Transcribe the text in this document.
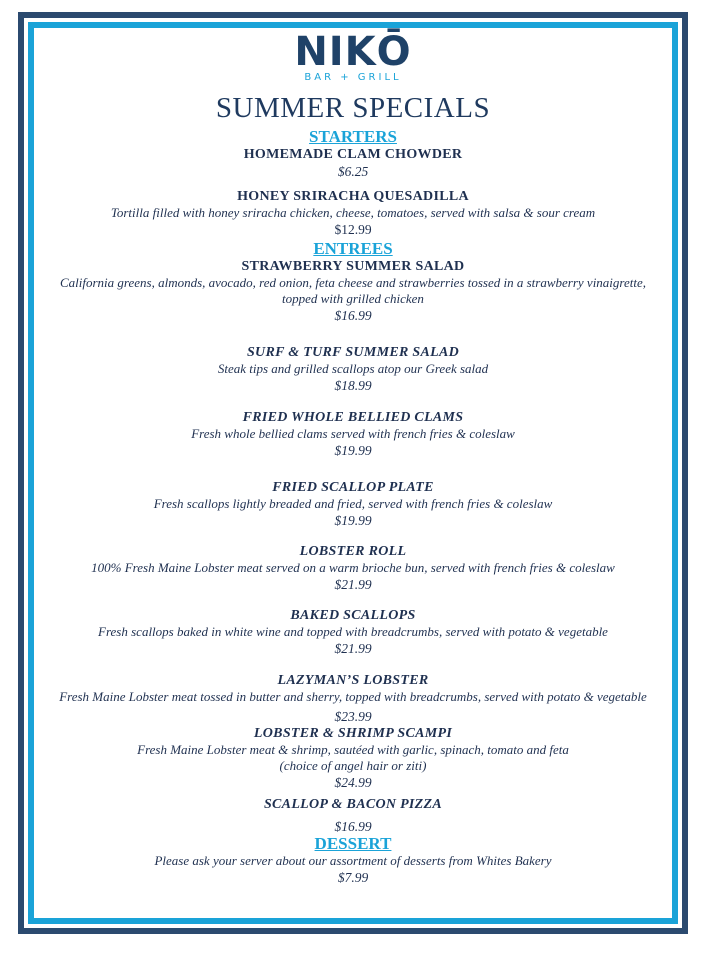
NIKŌ
BAR + GRILL
SUMMER SPECIALS
STARTERS
HOMEMADE CLAM CHOWDER
$6.25
HONEY SRIRACHA QUESADILLA
Tortilla filled with honey sriracha chicken, cheese, tomatoes, served with salsa & sour cream
$12.99
ENTREES
STRAWBERRY SUMMER SALAD
California greens, almonds, avocado, red onion, feta cheese and strawberries tossed in a strawberry vinaigrette, topped with grilled chicken
$16.99
SURF & TURF SUMMER SALAD
Steak tips and grilled scallops atop our Greek salad
$18.99
FRIED WHOLE BELLIED CLAMS
Fresh whole bellied clams served with french fries & coleslaw
$19.99
FRIED SCALLOP PLATE
Fresh scallops lightly breaded and fried, served with french fries & coleslaw
$19.99
LOBSTER ROLL
100% Fresh Maine Lobster meat served on a warm brioche bun, served with french fries & coleslaw
$21.99
BAKED SCALLOPS
Fresh scallops baked in white wine and topped with breadcrumbs, served with potato & vegetable
$21.99
LAZYMAN’S LOBSTER
Fresh Maine Lobster meat tossed in butter and sherry, topped with breadcrumbs, served with potato & vegetable
$23.99
LOBSTER & SHRIMP SCAMPI
Fresh Maine Lobster meat & shrimp, sautéed with garlic, spinach, tomato and feta
(choice of angel hair or ziti)
$24.99
SCALLOP & BACON PIZZA
$16.99
DESSERT
Please ask your server about our assortment of desserts from Whites Bakery
$7.99
